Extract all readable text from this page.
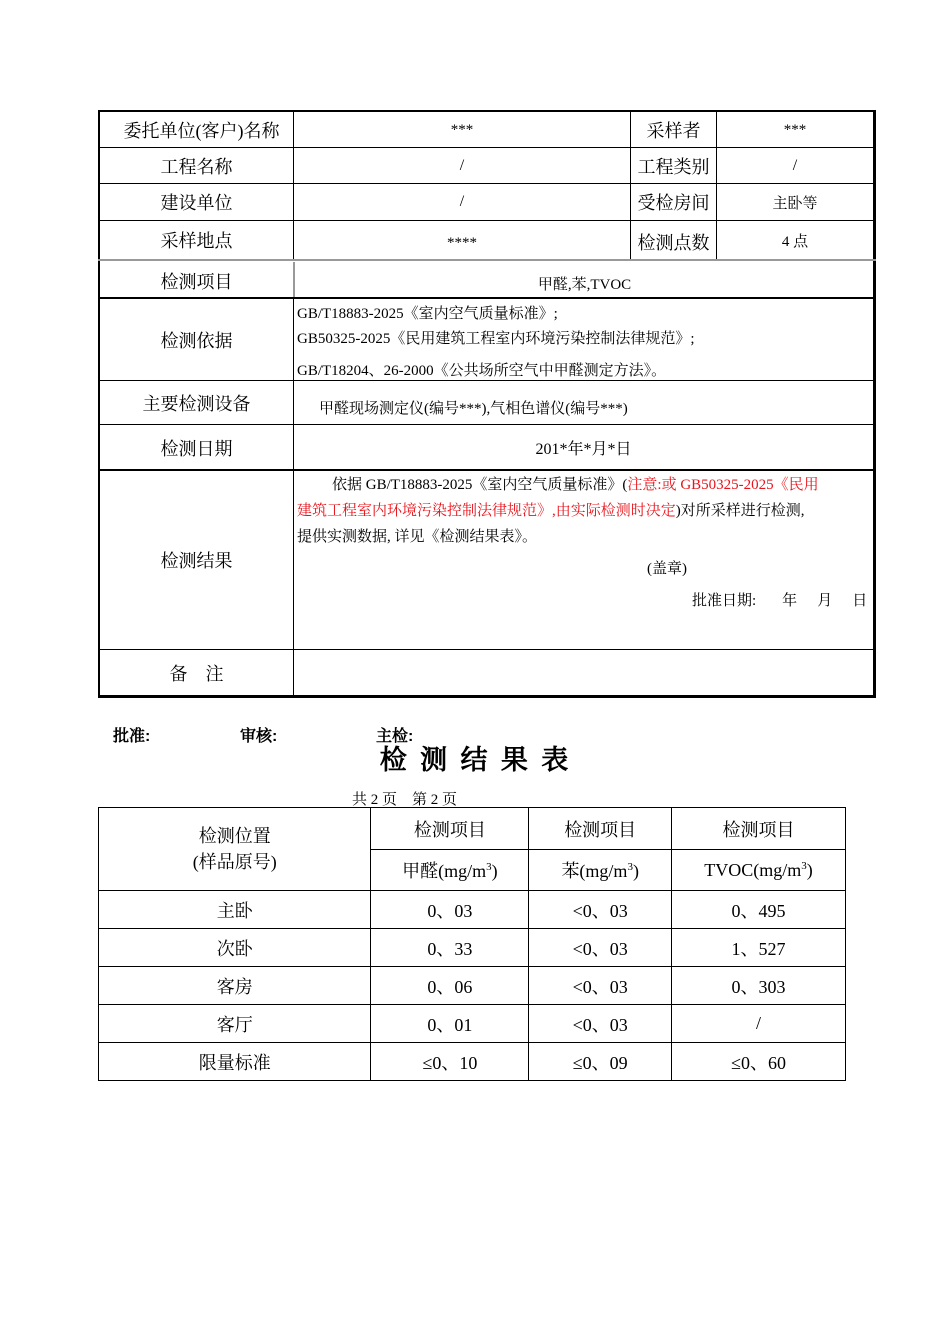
委托单位(客户)名称	***	采样者	***
工程名称	/	工程类别	/
建设单位	/	受检房间	主卧等
采样地点	****	检测点数	4 点
检测项目	甲醛,苯,TVOC
检测依据
GB/T18883-2025《室内空气质量标准》;
GB50325-2025《民用建筑工程室内环境污染控制法律规范》;
GB/T18204、26-2000《公共场所空气中甲醛测定方法》。
主要检测设备	甲醛现场测定仪(编号***),气相色谱仪(编号***)
检测日期	201*年*月*日
检测结果
依据 GB/T18883-2025《室内空气质量标准》(注意:或 GB50325-2025《民用
建筑工程室内环境污染控制法律规范》,由实际检测时决定)对所采样进行检测,
提供实测数据, 详见《检测结果表》。
(盖章)
批准日期: 年 月 日
备    注
批准:	审核:	主检:
检 测 结 果 表
共 2 页    第 2 页
检测位置
(样品原号)	检测项目	检测项目	检测项目
	甲醛$(mg/m^3)$	苯$(mg/m^3)$	$TVOC(mg/m^3)$
主卧	0、03	<0、03	0、495
次卧	0、33	<0、03	1、527
客房	0、06	<0、03	0、303
客厅	0、01	<0、03	/
限量标准	≤0、10	≤0、09	≤0、60
